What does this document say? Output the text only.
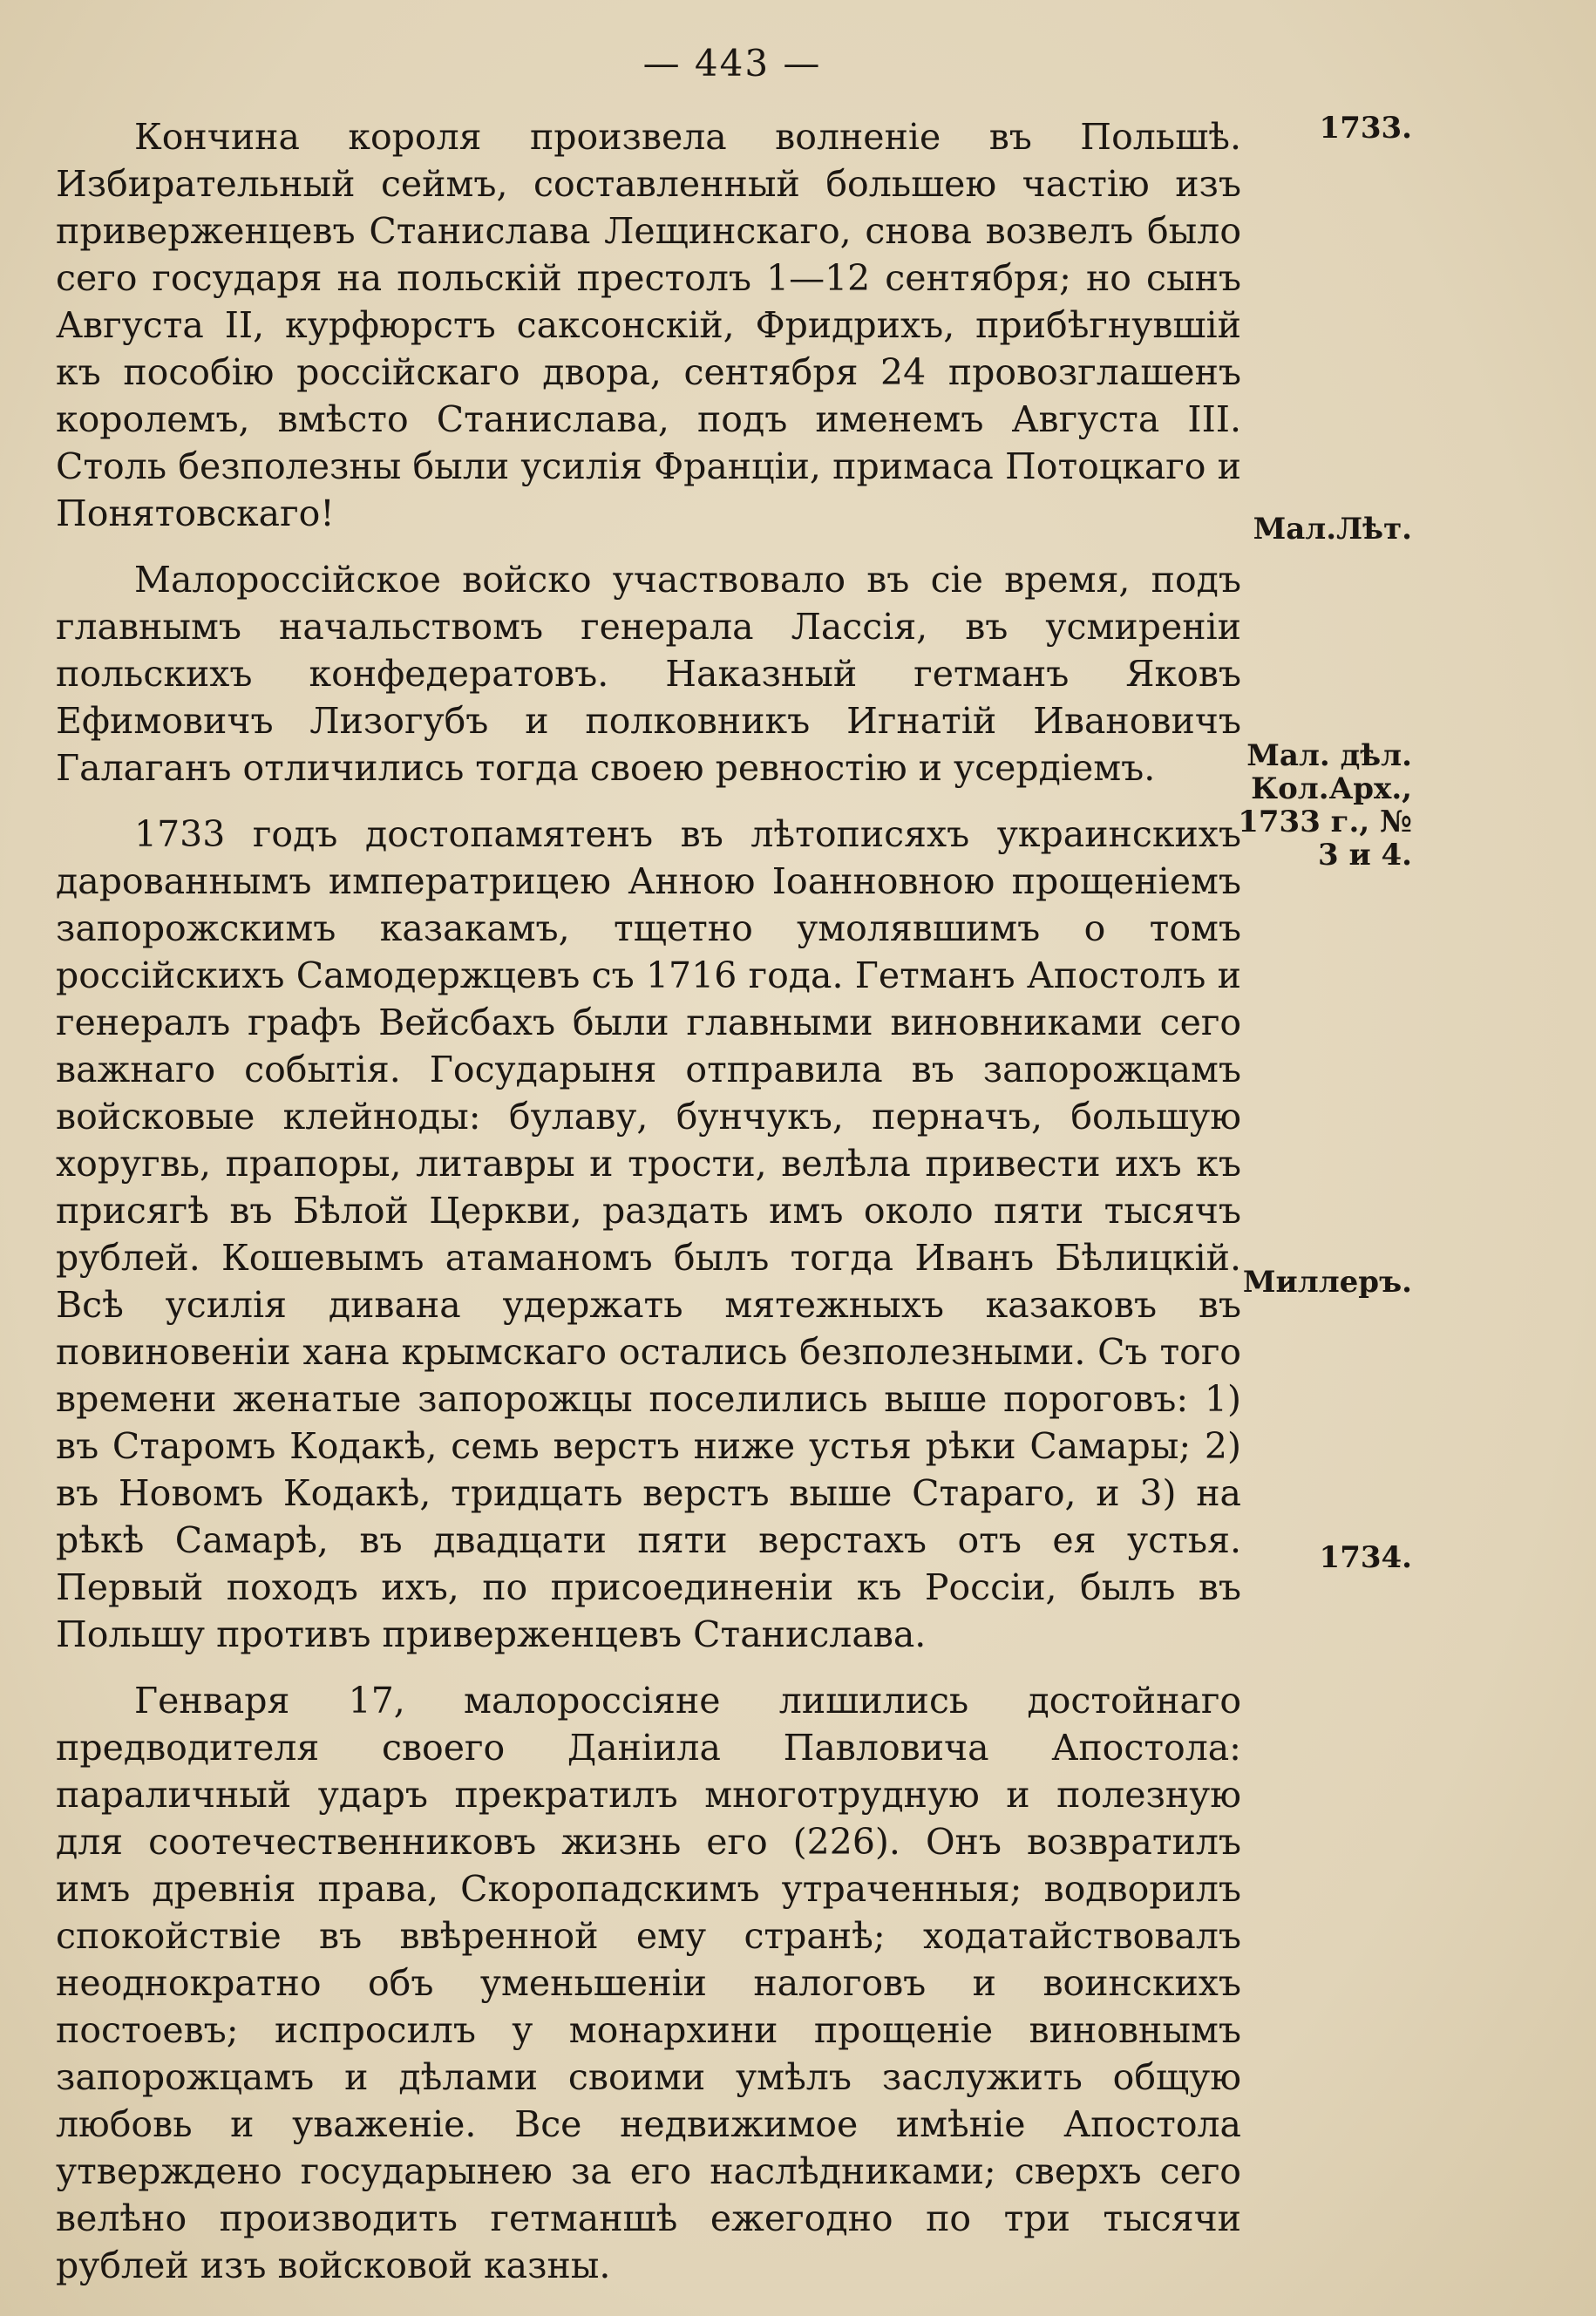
— 443 —

Кончина короля произвела волненіе въ Польшѣ. Избирательный сеймъ, составленный большею частію изъ приверженцевъ Станислава Лещинскаго, снова возвелъ было сего государя на польскій престолъ 1—12 сентября; но сынъ Августа II, курфюрстъ саксонскій, Фридрихъ, прибѣгнувшій къ пособію россійскаго двора, сентября 24 провозглашенъ королемъ, вмѣсто Станислава, подъ именемъ Августа III. Столь безполезны были усилія Франціи, примаса Потоцкаго и Понятовскаго!

Малороссійское войско участвовало въ сіе время, подъ главнымъ начальствомъ генерала Лассія, въ усмиреніи польскихъ конфедератовъ. Наказный гетманъ Яковъ Ефимовичъ Лизогубъ и полковникъ Игнатій Ивановичъ Галаганъ отличились тогда своею ревностію и усердіемъ.

1733 годъ достопамятенъ въ лѣтописяхъ украинскихъ дарованнымъ императрицею Анною Іоанновною прощеніемъ запорожскимъ казакамъ, тщетно умолявшимъ о томъ россійскихъ Самодержцевъ съ 1716 года. Гетманъ Апостолъ и генералъ графъ Вейсбахъ были главными виновниками сего важнаго событія. Государыня отправила въ запорожцамъ войсковые клейноды: булаву, бунчукъ, перначъ, большую хоругвь, прапоры, литавры и трости, велѣла привести ихъ къ присягѣ въ Бѣлой Церкви, раздать имъ около пяти тысячъ рублей. Кошевымъ атаманомъ былъ тогда Иванъ Бѣлицкій. Всѣ усилія дивана удержать мятежныхъ казаковъ въ повиновеніи хана крымскаго остались безполезными. Съ того времени женатые запорожцы поселились выше пороговъ: 1) въ Старомъ Кодакѣ, семь верстъ ниже устья рѣки Самары; 2) въ Новомъ Кодакѣ, тридцать верстъ выше Стараго, и 3) на рѣкѣ Самарѣ, въ двадцати пяти верстахъ отъ ея устья. Первый походъ ихъ, по присоединеніи къ Россіи, былъ въ Польшу противъ приверженцевъ Станислава.

Генваря 17, малороссіяне лишились достойнаго предводителя своего Даніила Павловича Апостола: параличный ударъ прекратилъ многотрудную и полезную для соотечественниковъ жизнь его (226). Онъ возвратилъ имъ древнія права, Скоропадскимъ утраченныя; водворилъ спокойствіе въ ввѣренной ему странѣ; ходатайствовалъ неоднократно объ уменьшеніи налоговъ и воинскихъ постоевъ; испросилъ у монархини прощеніе виновнымъ запорожцамъ и дѣлами своими умѣлъ заслужить общую любовь и уваженіе. Все недвижимое имѣніе Апостола утверждено государынею за его наслѣдниками; сверхъ сего велѣно производить гетманшѣ ежегодно по три тысячи рублей изъ войсковой казны.

1733.
Мал.Лѣт.
Мал. дѣл. Кол.Арх., 1733 г., № 3 и 4.
Миллеръ.
1734.
